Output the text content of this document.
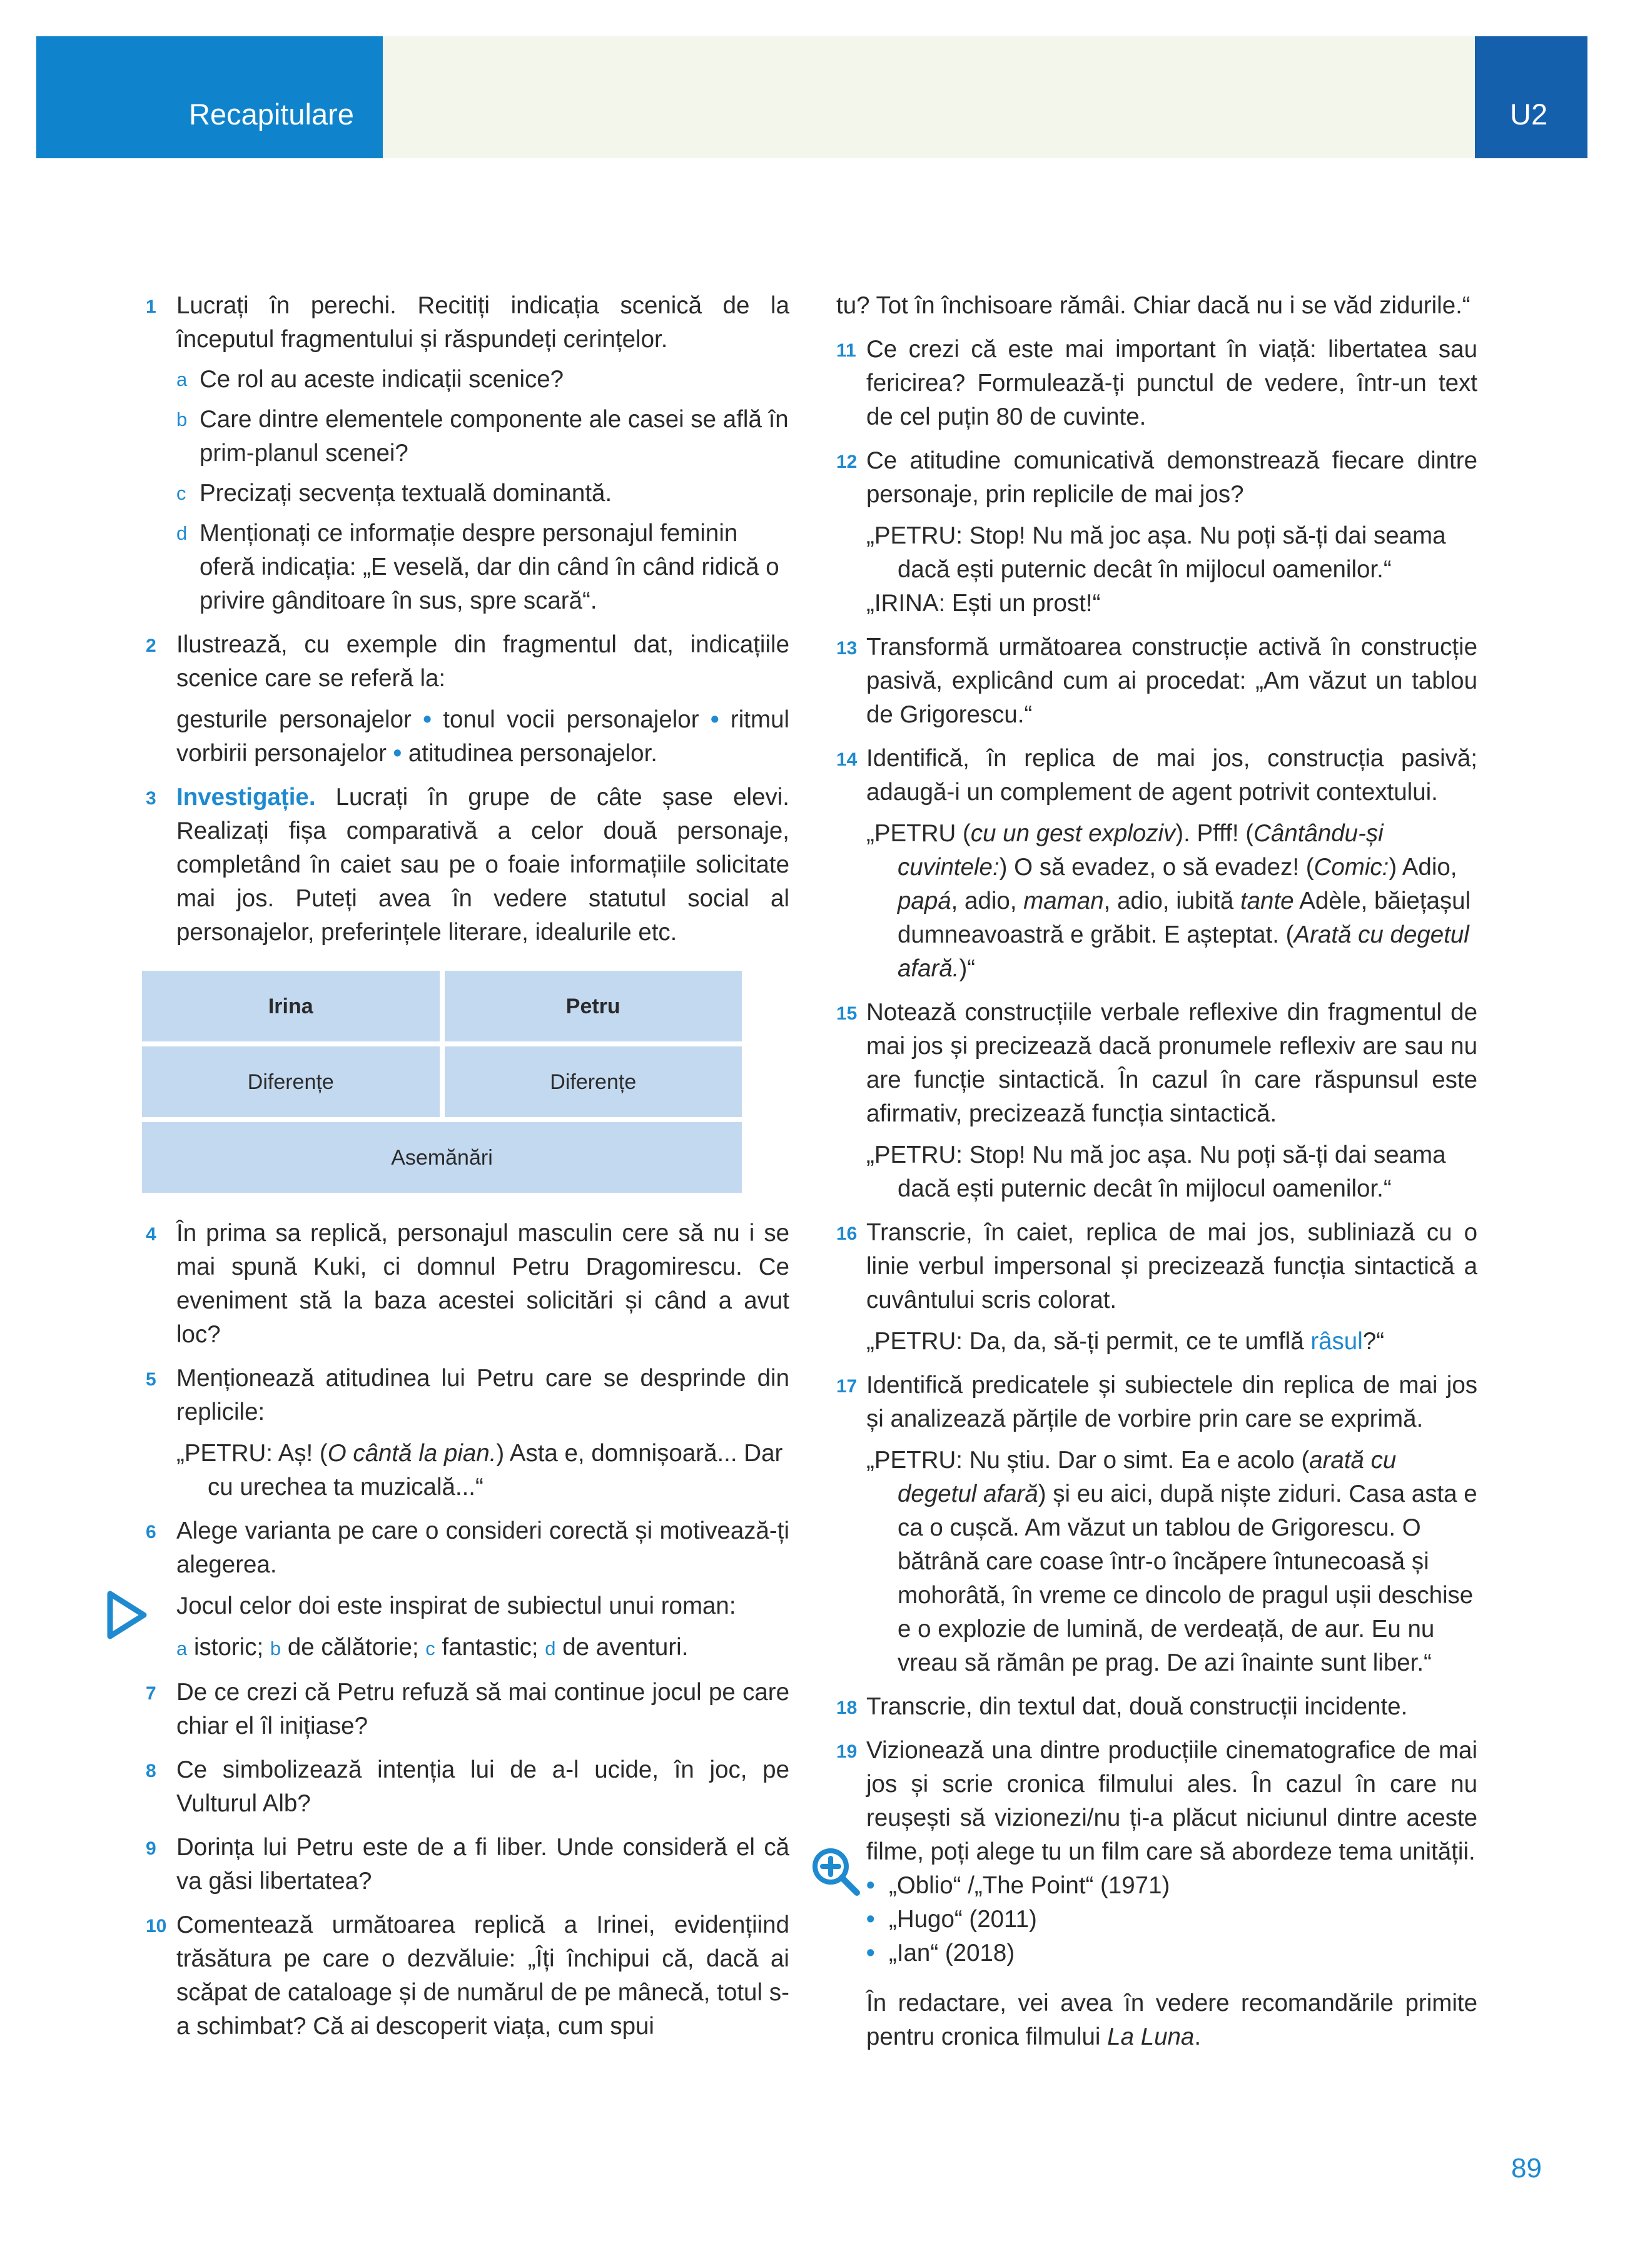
Recapitulare	U2
1 Lucrați în perechi. Recitiți indicația scenică de la începutul fragmentului și răspundeți cerințelor.
a Ce rol au aceste indicații scenice?
b Care dintre elementele componente ale casei se află în prim-planul scenei?
c Precizați secvența textuală dominantă.
d Menționați ce informație despre personajul feminin oferă indicația: „E veselă, dar din când în când ridică o privire gânditoare în sus, spre scară“.
2 Ilustrează, cu exemple din fragmentul dat, indicațiile scenice care se referă la:
gesturile personajelor • tonul vocii personajelor • ritmul vorbirii personajelor • atitudinea personajelor.
3 Investigație. Lucrați în grupe de câte șase elevi. Realizați fișa comparativă a celor două personaje, completând în caiet sau pe o foaie informațiile solicitate mai jos. Puteți avea în vedere statutul social al personajelor, preferințele literare, idealurile etc.
Irina	Petru
Diferențe	Diferențe
Asemănări	
4 În prima sa replică, personajul masculin cere să nu i se mai spună Kuki, ci domnul Petru Dragomirescu. Ce eveniment stă la baza acestei solicitări și când a avut loc?
5 Menționează atitudinea lui Petru care se desprinde din replicile:
„PETRU: Aș! (O cântă la pian.) Asta e, domnișoară... Dar cu urechea ta muzicală...“
6 Alege varianta pe care o consideri corectă și motivează-ți alegerea.
Jocul celor doi este inspirat de subiectul unui roman:
a istoric; b de călătorie; c fantastic; d de aventuri.
7 De ce crezi că Petru refuză să mai continue jocul pe care chiar el îl inițiase?
8 Ce simbolizează intenția lui de a-l ucide, în joc, pe Vulturul Alb?
9 Dorința lui Petru este de a fi liber. Unde consideră el că va găsi libertatea?
10 Comentează următoarea replică a Irinei, evidențiind trăsătura pe care o dezvăluie: „Îți închipui că, dacă ai scăpat de cataloage și de numărul de pe mânecă, totul s-a schimbat? Că ai descoperit viața, cum spui
tu? Tot în închisoare rămâi. Chiar dacă nu i se văd zidurile.“
11 Ce crezi că este mai important în viață: libertatea sau fericirea? Formulează-ți punctul de vedere, într-un text de cel puțin 80 de cuvinte.
12 Ce atitudine comunicativă demonstrează fiecare dintre personaje, prin replicile de mai jos?
„PETRU: Stop! Nu mă joc așa. Nu poți să-ți dai seama dacă ești puternic decât în mijlocul oamenilor.“
„IRINA: Ești un prost!“
13 Transformă următoarea construcție activă în construcție pasivă, explicând cum ai procedat: „Am văzut un tablou de Grigorescu.“
14 Identifică, în replica de mai jos, construcția pasivă; adaugă-i un complement de agent potrivit contextului.
„PETRU (cu un gest exploziv). Pfff! (Cântându-și cuvintele:) O să evadez, o să evadez! (Comic:) Adio, papá, adio, maman, adio, iubită tante Adèle, băiețașul dumneavoastră e grăbit. E așteptat. (Arată cu degetul afară.)“
15 Notează construcțiile verbale reflexive din fragmentul de mai jos și precizează dacă pronumele reflexiv are sau nu are funcție sintactică. În cazul în care răspunsul este afirmativ, precizează funcția sintactică.
„PETRU: Stop! Nu mă joc așa. Nu poți să-ți dai seama dacă ești puternic decât în mijlocul oamenilor.“
16 Transcrie, în caiet, replica de mai jos, subliniază cu o linie verbul impersonal și precizează funcția sintactică a cuvântului scris colorat.
„PETRU: Da, da, să-ți permit, ce te umflă râsul?“
17 Identifică predicatele și subiectele din replica de mai jos și analizează părțile de vorbire prin care se exprimă.
„PETRU: Nu știu. Dar o simt. Ea e acolo (arată cu degetul afară) și eu aici, după niște ziduri. Casa asta e ca o cușcă. Am văzut un tablou de Grigorescu. O bătrână care coase într-o încăpere întunecoasă și mohorâtă, în vreme ce dincolo de pragul ușii deschise e o explozie de lumină, de verdeață, de aur. Eu nu vreau să rămân pe prag. De azi înainte sunt liber.“
18 Transcrie, din textul dat, două construcții incidente.
19 Vizionează una dintre producțiile cinematografice de mai jos și scrie cronica filmului ales. În cazul în care nu reușești să vizionezi/nu ți-a plăcut niciunul dintre aceste filme, poți alege tu un film care să abordeze tema unității.
• „Oblio“ /„The Point“ (1971)
• „Hugo“ (2011)
• „Ian“ (2018)
În redactare, vei avea în vedere recomandările primite pentru cronica filmului La Luna.
89
